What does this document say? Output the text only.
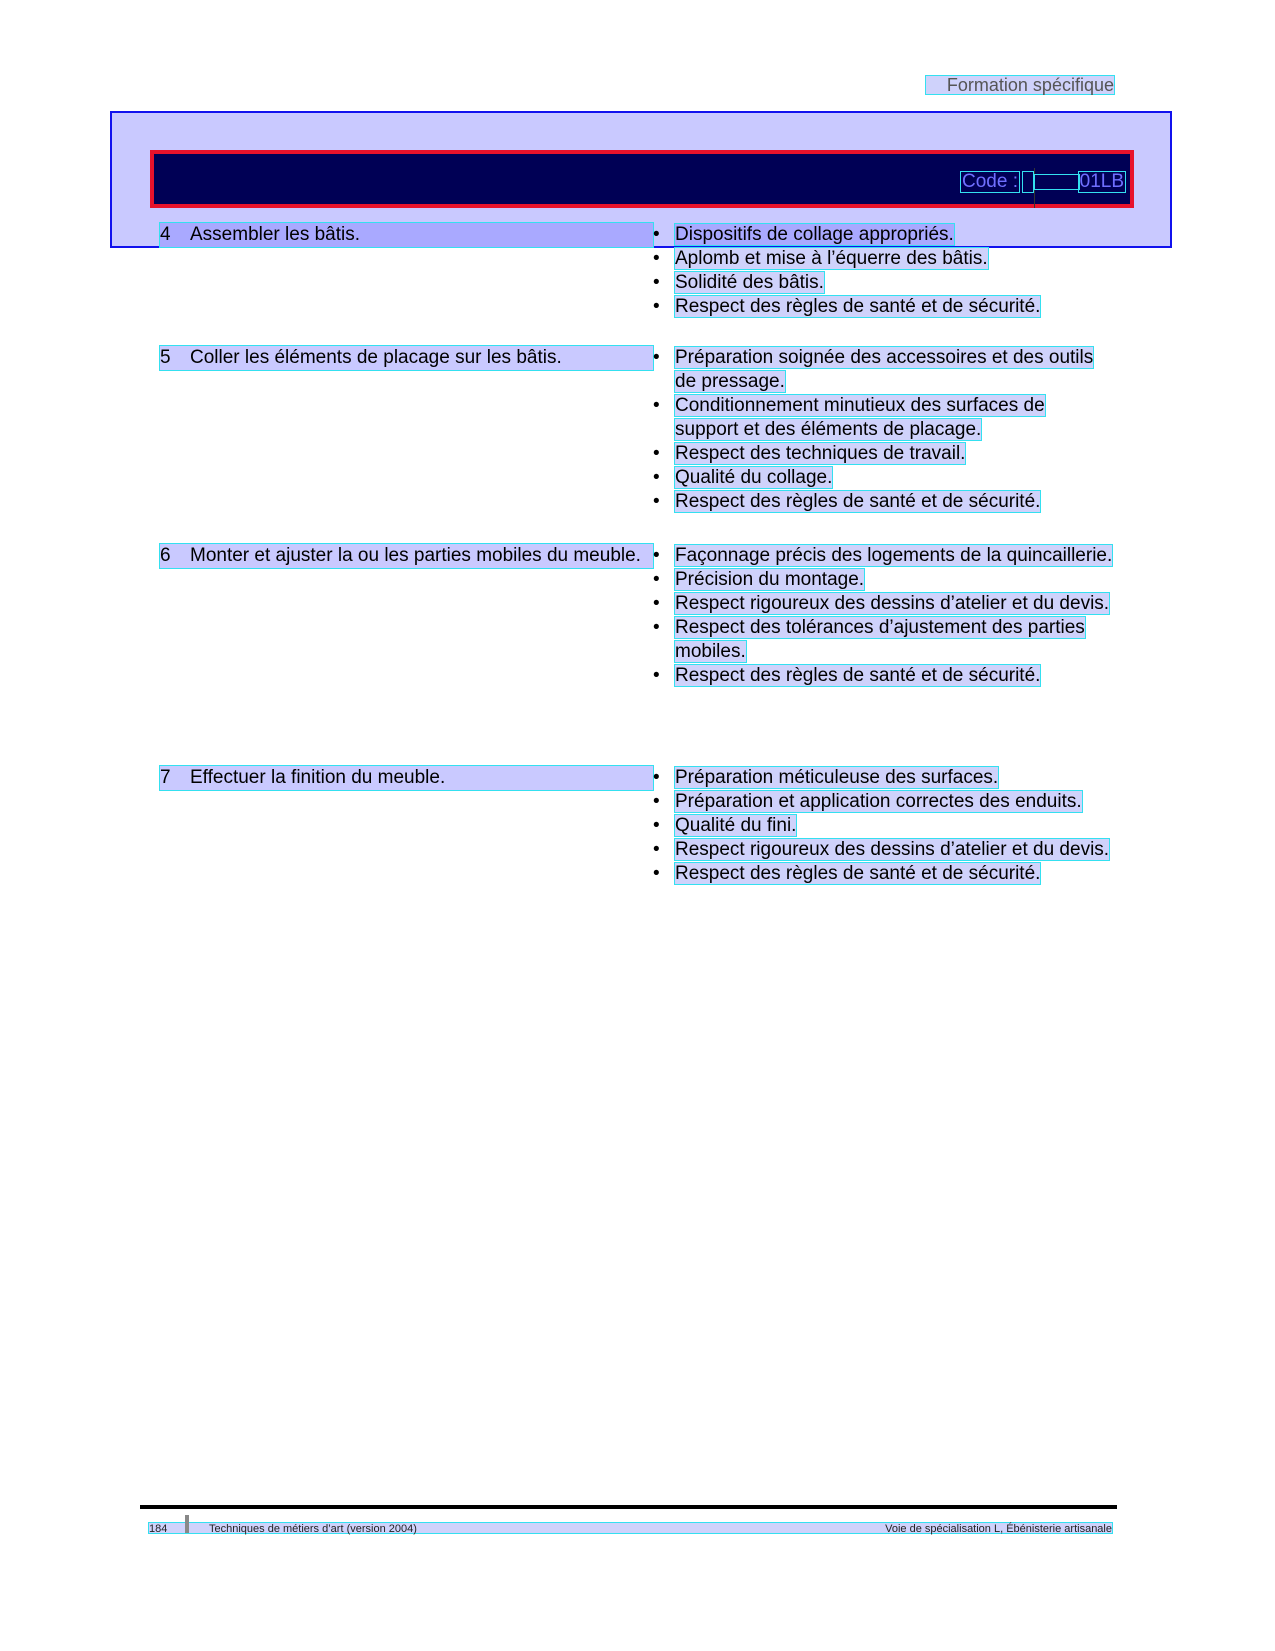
Formation spécifique
Code :	01LB
4	Assembler les bâtis.	• Dispositifs de collage appropriés.
• Aplomb et mise à l’équerre des bâtis.
• Solidité des bâtis.
• Respect des règles de santé et de sécurité.
5	Coller les éléments de placage sur les bâtis.	• Préparation soignée des accessoires et des outils de pressage.
• Conditionnement minutieux des surfaces de support et des éléments de placage.
• Respect des techniques de travail.
• Qualité du collage.
• Respect des règles de santé et de sécurité.
6	Monter et ajuster la ou les parties mobiles du meuble.	• Façonnage précis des logements de la quincaillerie.
• Précision du montage.
• Respect rigoureux des dessins d’atelier et du devis.
• Respect des tolérances d’ajustement des parties mobiles.
• Respect des règles de santé et de sécurité.
7	Effectuer la finition du meuble.	• Préparation méticuleuse des surfaces.
• Préparation et application correctes des enduits.
• Qualité du fini.
• Respect rigoureux des dessins d’atelier et du devis.
• Respect des règles de santé et de sécurité.
184	Techniques de métiers d’art (version 2004)	Voie de spécialisation L, Ébénisterie artisanale
